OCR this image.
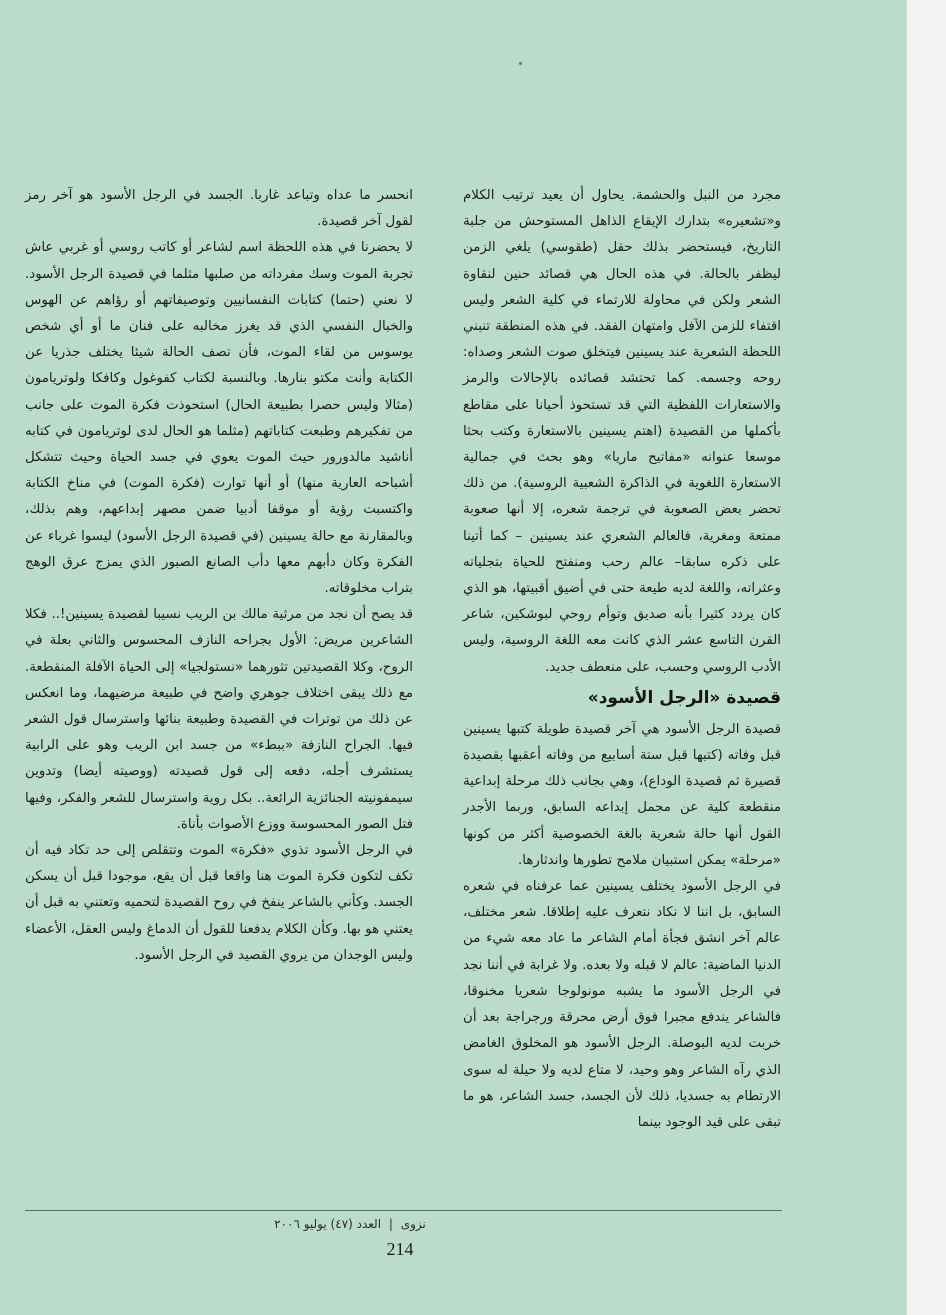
مجرد من النبل والحشمة. يحاول أن يعيد ترتيب الكلام و«تشعيره» بتدارك الإيقاع الذاهل المستوحش من جلبة التاريخ، فيستحضر بذلك حقل (طقوسي) يلغي الزمن ليظفر بالحالة. في هذه الحال هي قصائد حنين لنقاوة الشعر ولكن في محاولة للارتماء في كلية الشعر وليس اقتفاء للزمن الآفل وامتهان الفقد. في هذه المنطقة تنبني اللحظة الشعرية عند يسينين فيتخلق صوت الشعر وصداه: روحه وجسمه. كما تحتشد قصائده بالإحالات والرمز والاستعارات اللفظية التي قد تستحوذ أحيانا على مقاطع بأكملها من القصيدة (اهتم يسينين بالاستعارة وكتب بحثا موسعا عنوانه «مفاتيح ماريا» وهو بحث في جمالية الاستعارة اللغوية في الذاكرة الشعبية الروسية). من ذلك تحضر بعض الصعوبة في ترجمة شعره، إلا أنها صعوبة ممتعة ومغرية، فالعالم الشعري عند يسينين – كما أتينا على ذكره سابقا– عالم رحب ومنفتح للحياة بتجلياته وعثراته، واللغة لديه طيعة حتى في أضيق أقبيتها، هو الذي كان يردد كثيرا بأنه صديق وتوأم روحي لبوشكين، شاعر القرن التاسع عشر الذي كانت معه اللغة الروسية، وليس الأدب الروسي وحسب، على منعطف جديد.

قصيدة «الرجل الأسود»

قصيدة الرجل الأسود هي آخر قصيدة طويلة كتبها يسينين قبل وفاته (كتبها قبل ستة أسابيع من وفاته أعقبها بقصيدة قصيرة ثم قصيدة الوداع)، وهي بجانب ذلك مرحلة إبداعية منقطعة كلية عن مجمل إبداعه السابق، وربما الأجدر القول أنها حالة شعرية بالغة الخصوصية أكثر من كونها «مرحلة» يمكن استبيان ملامح تطورها واندثارها.

في الرجل الأسود يختلف يسينين عما عرفناه في شعره السابق، بل اننا لا نكاد نتعرف عليه إطلاقا. شعر مختلف، عالم آخر انشق فجأة أمام الشاعر ما عاد معه شيء من الدنيا الماضية: عالم لا قبله ولا بعده. ولا غرابة في أننا نجد في الرجل الأسود ما يشبه مونولوجا شعريا مخنوقا، فالشاعر يندفع مجبرا فوق أرض محرقة ورجراجة بعد أن خربت لديه البوصلة. الرجل الأسود هو المخلوق الغامض الذي رآه الشاعر وهو وحيد، لا متاع لديه ولا حيلة له سوى الارتطام به جسديا، ذلك لأن الجسد، جسد الشاعر، هو ما تبقى على قيد الوجود بينما

انحسر ما عداه وتباعد غاربا. الجسد في الرجل الأسود هو آخر رمز لقول آخر قصيدة.

لا يحضرنا في هذه اللحظة اسم لشاعر أو كاتب روسي أو غربي عاش تجربة الموت وسك مفرداته من صلبها مثلما في قصيدة الرجل الأسود. لا نعني (حتما) كتابات النفسانيين وتوصيفاتهم أو رؤاهم عن الهوس والخبال النفسي الذي قد يغرز مخالبه على فنان ما أو أي شخص يوسوس من لقاء الموت، فأن تصف الحالة شيئا يختلف جذريا عن الكتابة وأنت مكتو بنارها. وبالنسبة لكتاب كفوغول وكافكا ولوتريامون (مثالا وليس حصرا بطبيعة الحال) استحوذت فكرة الموت على جانب من تفكيرهم وطبعت كتاباتهم (مثلما هو الحال لدى لوتريامون في كتابه أناشيد مالدورور حيث الموت يعوي في جسد الحياة وحيث تتشكل أشباحه العارية منها) أو أنها توارت (فكرة الموت) في مناخ الكتابة واكتسبت رؤية أو موقفا أدبيا ضمن مصهر إبداعهم، وهم بذلك، وبالمقارنة مع حالة يسينين (في قصيدة الرجل الأسود) ليسوا غرباء عن الفكرة وكان دأبهم معها دأب الصانع الصبور الذي يمزج عرق الوهج بتراب مخلوقاته.

قد يصح أن نجد من مرثية مالك بن الريب نسيبا لقصيدة يسينين!.. فكلا الشاعرين مريض: الأول بجراحه النازف المحسوس والثاني بعلة في الروح، وكلا القصيدتين تثورهما «نستولجيا» إلى الحياة الآفلة المنقطعة. مع ذلك يبقى اختلاف جوهري واضح في طبيعة مرضيهما، وما انعكس عن ذلك من توترات في القصيدة وطبيعة بنائها واسترسال قول الشعر فيها. الجراح النازفة «ببطء» من جسد ابن الريب وهو على الرابية يستشرف أجله، دفعه إلى قول قصيدته (ووصيته أيضا) وتدوين سيمفونيته الجنائزية الرائعة.. بكل روية واسترسال للشعر والفكر، وفيها فتل الصور المحسوسة ووزع الأصوات بأناة.

في الرجل الأسود تذوي «فكرة» الموت وتتقلص إلى حد تكاد فيه أن تكف لتكون فكرة الموت هنا واقعا قبل أن يقع، موجودا قبل أن يسكن الجسد. وكأني بالشاعر ينفخ في روح القصيدة لتحميه وتعتني به قبل أن يعتني هو بها. وكأن الكلام يدفعنا للقول أن الدماغ وليس العقل، الأعضاء وليس الوجدان من يروي القصيد في الرجل الأسود.

نزوى | العدد (٤٧) يوليو ٢٠٠٦
214
